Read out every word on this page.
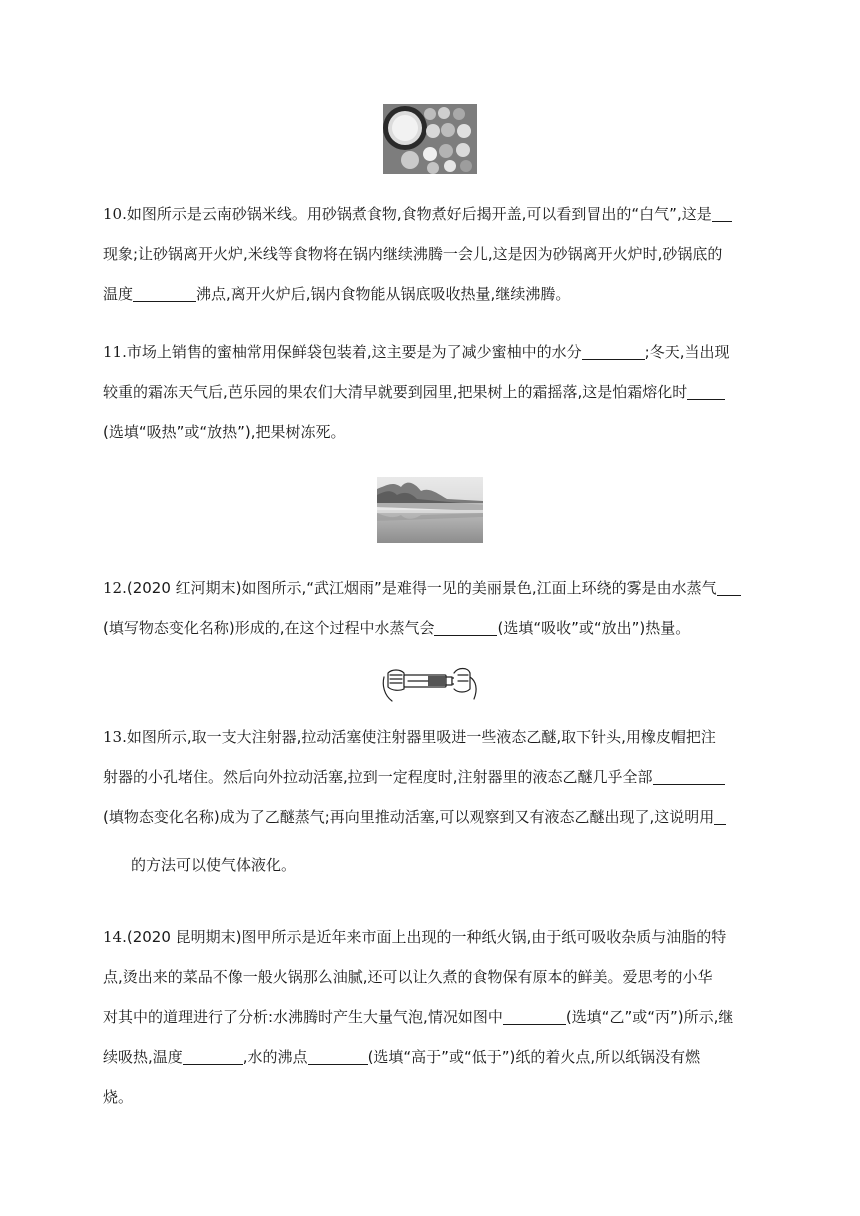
10.如图所示是云南砂锅米线。用砂锅煮食物,食物煮好后揭开盖,可以看到冒出的“白气”,这是
现象;让砂锅离开火炉,米线等食物将在锅内继续沸腾一会儿,这是因为砂锅离开火炉时,砂锅底的
温度	沸点,离开火炉后,锅内食物能从锅底吸收热量,继续沸腾。
11.市场上销售的蜜柚常用保鲜袋包装着,这主要是为了减少蜜柚中的水分	;冬天,当出现
较重的霜冻天气后,芭乐园的果农们大清早就要到园里,把果树上的霜摇落,这是怕霜熔化时
(选填“吸热”或“放热”),把果树冻死。
12.(2020 红河期末)如图所示,“武江烟雨”是难得一见的美丽景色,江面上环绕的雾是由水蒸气
(填写物态变化名称)形成的,在这个过程中水蒸气会	(选填“吸收”或“放出”)热量。
13.如图所示,取一支大注射器,拉动活塞使注射器里吸进一些液态乙醚,取下针头,用橡皮帽把注
射器的小孔堵住。然后向外拉动活塞,拉到一定程度时,注射器里的液态乙醚几乎全部
(填物态变化名称)成为了乙醚蒸气;再向里推动活塞,可以观察到又有液态乙醚出现了,这说明用
的方法可以使气体液化。
14.(2020 昆明期末)图甲所示是近年来市面上出现的一种纸火锅,由于纸可吸收杂质与油脂的特
点,烫出来的菜品不像一般火锅那么油腻,还可以让久煮的食物保有原本的鲜美。爱思考的小华
对其中的道理进行了分析:水沸腾时产生大量气泡,情况如图中	(选填“乙”或“丙”)所示,继
续吸热,温度	,水的沸点	(选填“高于”或“低于”)纸的着火点,所以纸锅没有燃
烧。
